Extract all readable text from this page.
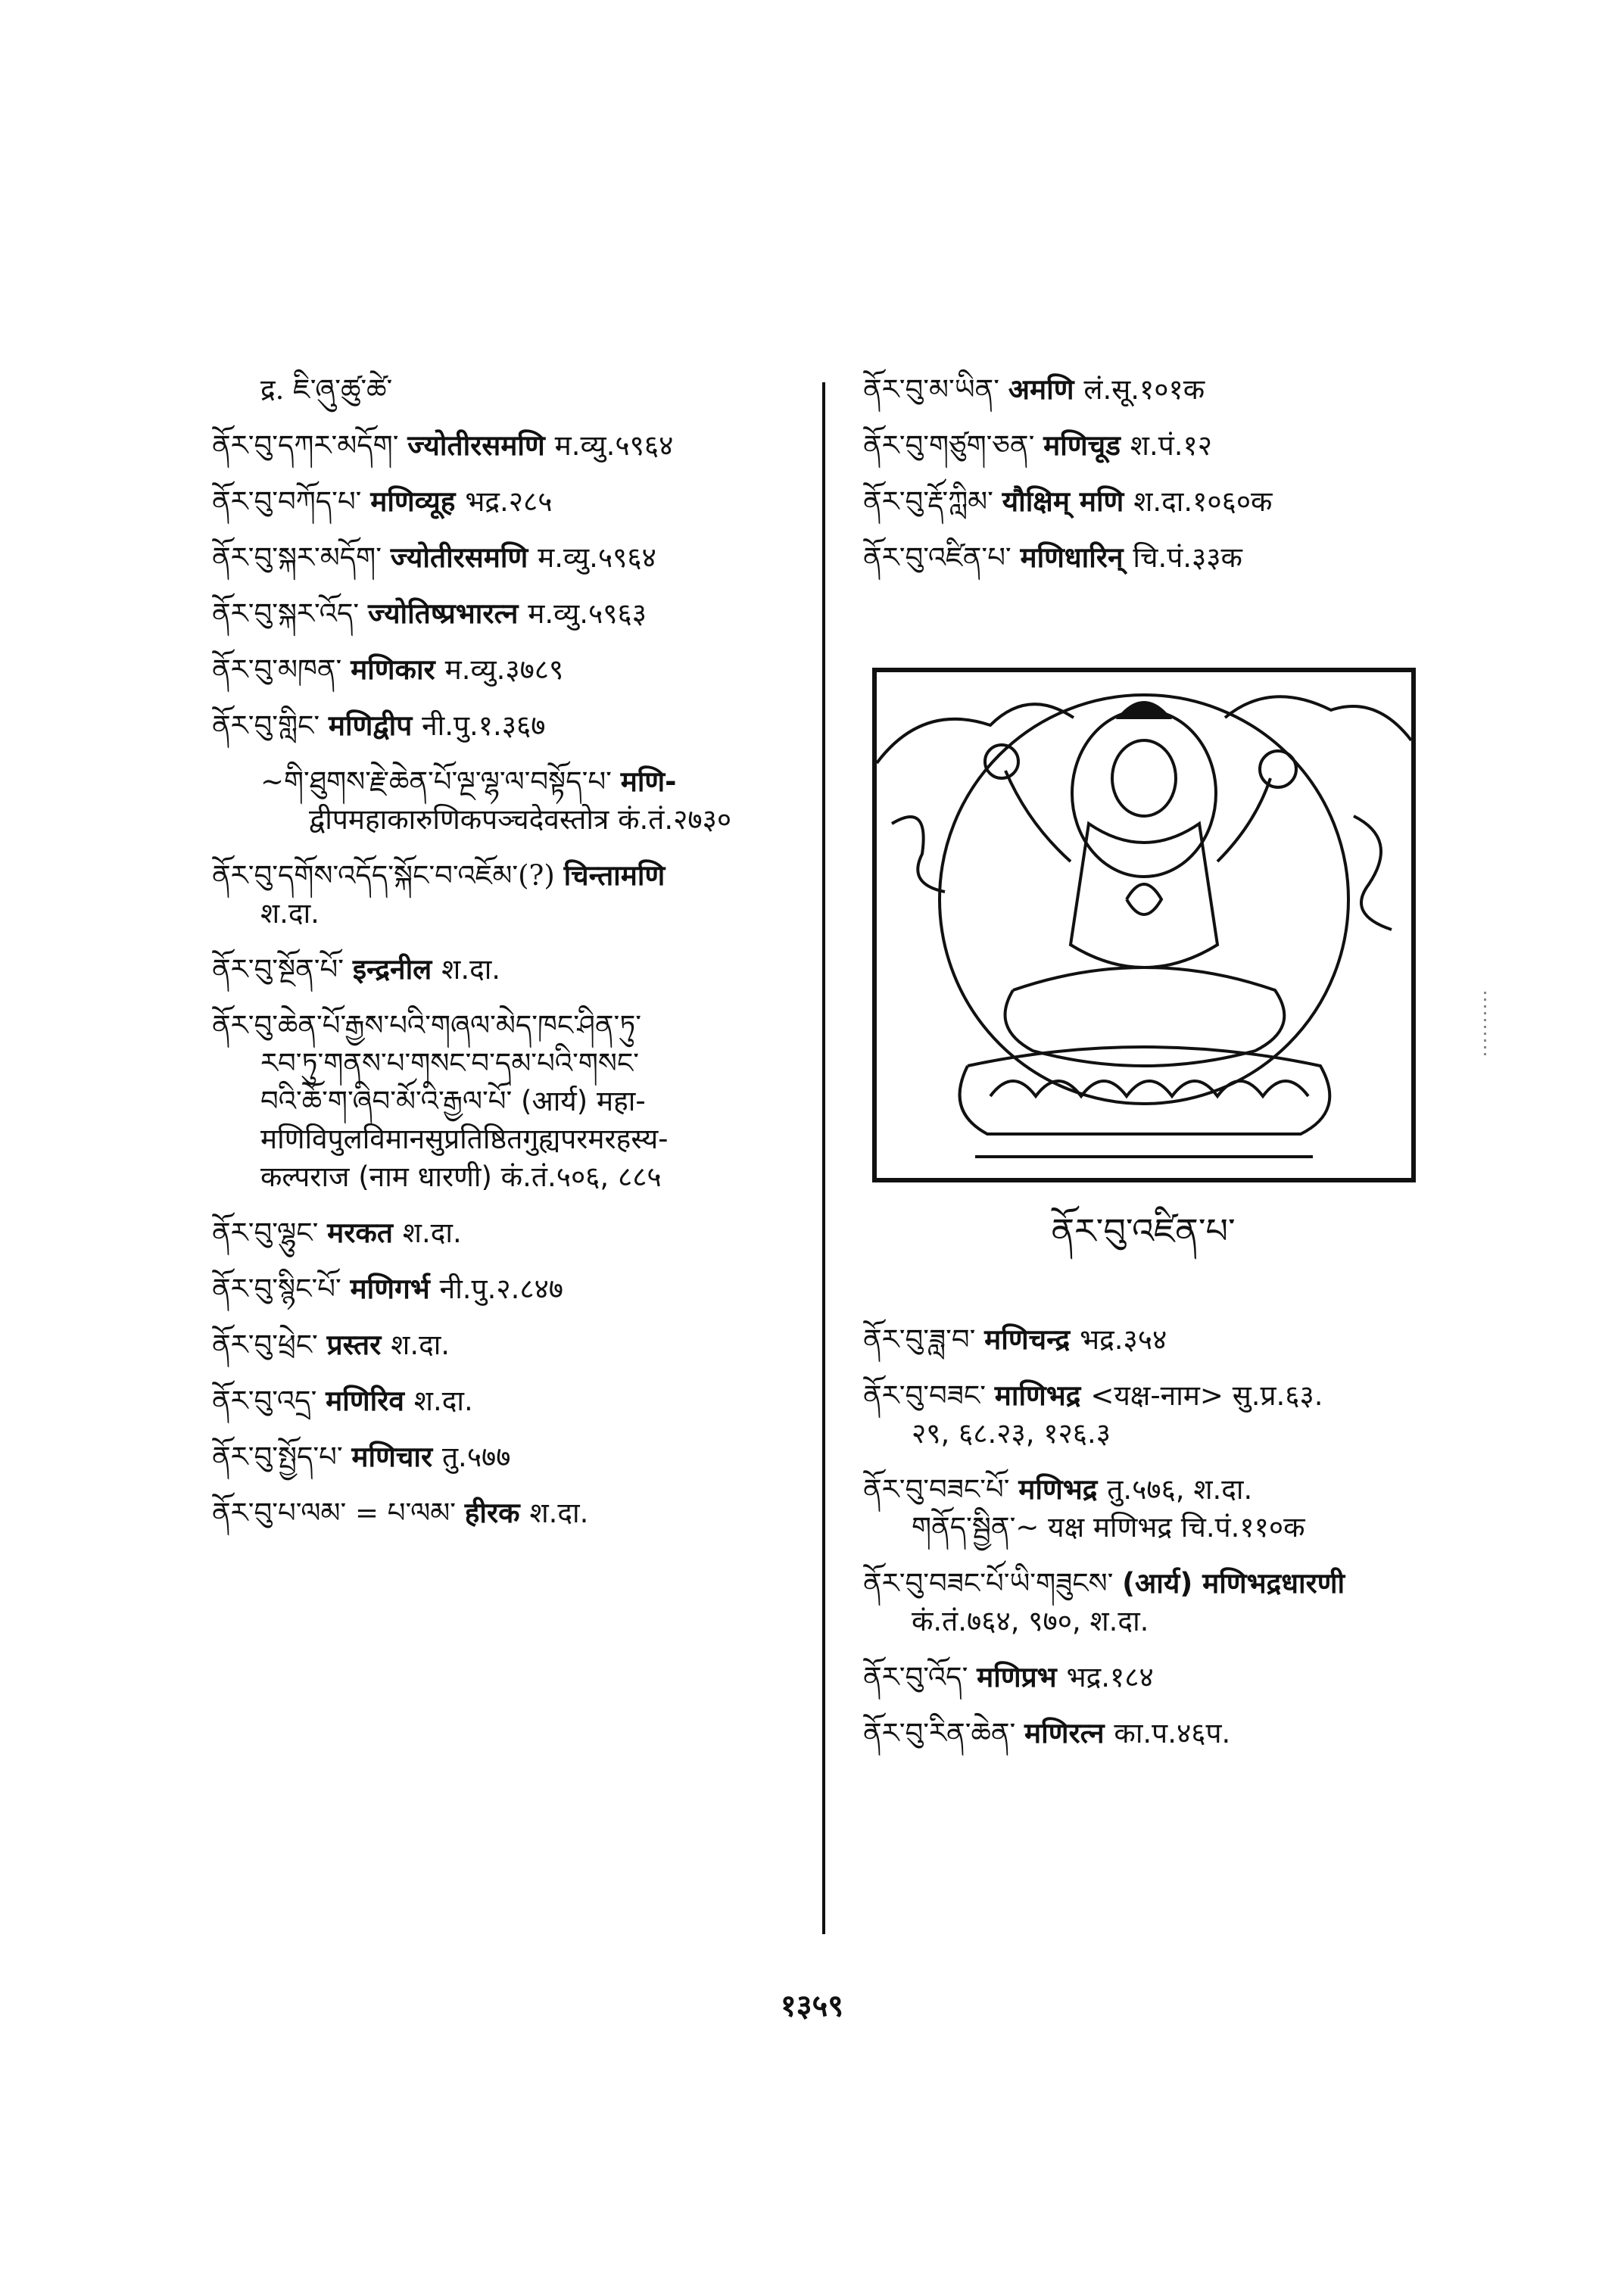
द्र. ཇི་ཞུ་ཚུ་ཚེ་
ནོར་བུ་དཀར་མདོག་ ज्योतीरसमणि म.व्यु.५९६४
ནོར་བུ་བཀོད་པ་ मणिव्यूह भद्र.२८५
ནོར་བུ་སྐར་མདོག་ ज्योतीरसमणि म.व्यु.५९६४
ནོར་བུ་སྐར་འོད་ ज्योतिष्प्रभारत्न म.व्यु.५९६३
ནོར་བུ་མཁན་ मणिकार म.व्यु.३७८९
ནོར་བུ་གླིང་ मणिद्वीप नी.पु.१.३६७
~གི་ཐུགས་རྗེ་ཆེན་པོ་ལྔ་ལྷ་ལ་བསྟོད་པ་ मणि-
द्वीपमहाकारुणिकपञ्चदेवस्तोत्र कं.तं.२७३०
ནོར་བུ་དགོས་འདོད་སྐོང་བ་འཇོམ་(?) चिन्तामणि
श.दा.
ནོར་བུ་སྔོན་པོ་ इन्द्रनील श.दा.
ནོར་བུ་ཆེན་པོ་རྒྱས་པའི་གཞལ་མེད་ཁང་ཤིན་ཏུ་
རབ་ཏུ་གནས་པ་གསང་བ་དམ་པའི་གསང་
བའི་ཆོ་ག་ཞིབ་མོ་འི་རྒྱལ་པོ་ (आर्य) महा-
मणिविपुलविमानसुप्रतिष्ठितगुह्यपरमरहस्य-
कल्पराज (नाम धारणी) कं.तं.५०६, ८८५
ནོར་བུ་ལྷུང་ मरकत श.दा.
ནོར་བུ་སྙིང་པོ་ मणिगर्भ नी.पु.२.८४७
ནོར་བུ་ཕྲེང་ प्रस्तर श.दा.
ནོར་བུ་འདྲ་ मणिरिव श.दा.
ནོར་བུ་སྤྱོད་པ་ मणिचार तु.५७७
ནོར་བུ་པ་ལམ་ = པ་ལམ་ हीरक श.दा.
ནོར་བུ་མ་ཡིན་ अमणि लं.सू.१०१क
ནོར་བུ་གཙུག་ཅན་ मणिचूड श.पं.१२
ནོར་བུ་རྡོ་ཀླིམ་ यौक्षिम् मणि श.दा.१०६०क
ནོར་བུ་འཛིན་པ་ मणिधारिन् चि.पं.३३क
ནོར་བུ་འཛིན་པ་
ནོར་བུ་ཟླ་བ་ मणिचन्द्र भद्र.३५४
ནོར་བུ་བཟང་ माणिभद्र <यक्ष-नाम> सु.प्र.६३.
२९, ६८.२३, १२६.३
ནོར་བུ་བཟང་པོ་ मणिभद्र तु.५७६, श.दा.
གནོད་སྦྱིན་~ यक्ष मणिभद्र चि.पं.११०क
ནོར་བུ་བཟང་པོ་ཡི་གཟུངས་ (आर्य) मणिभद्रधारणी
कं.तं.७६४, ९७०, श.दा.
ནོར་བུ་འོད་ मणिप्रभ भद्र.१८४
ནོར་བུ་རིན་ཆེན་ मणिरत्न का.प.४६प.
१३५९
